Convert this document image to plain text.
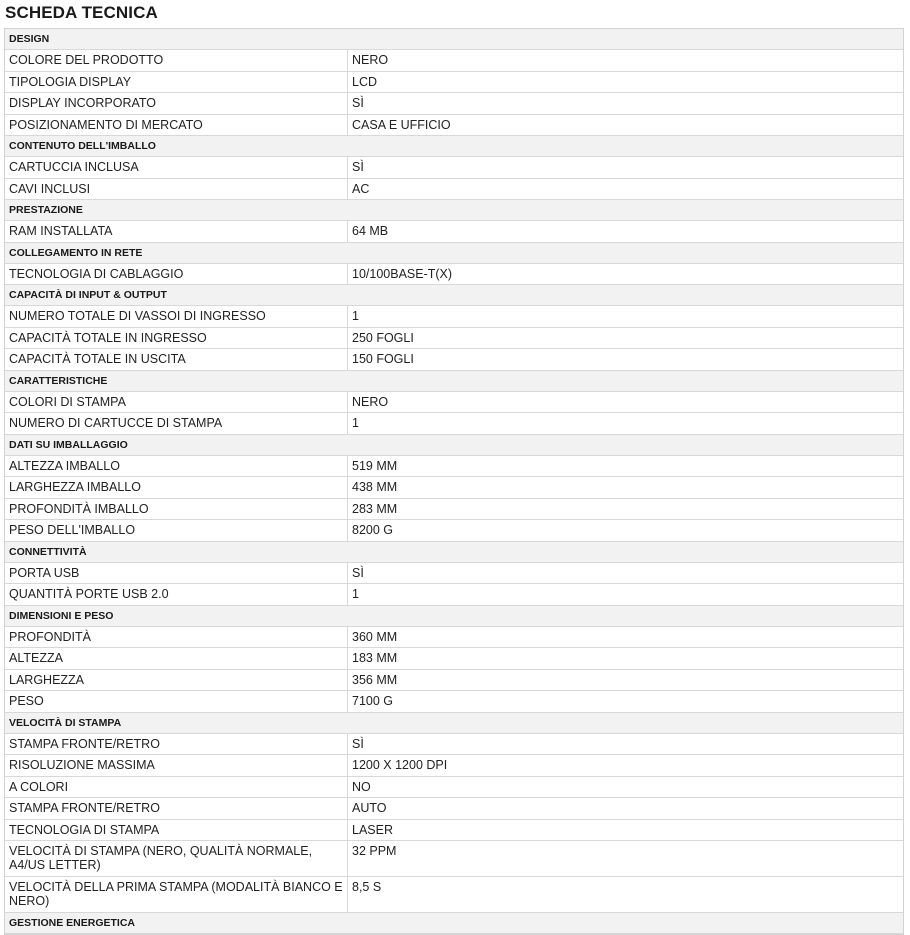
SCHEDA TECNICA
DESIGN	
COLORE DEL PRODOTTO	NERO
TIPOLOGIA DISPLAY	LCD
DISPLAY INCORPORATO	SÌ
POSIZIONAMENTO DI MERCATO	CASA E UFFICIO
CONTENUTO DELL'IMBALLO	
CARTUCCIA INCLUSA	SÌ
CAVI INCLUSI	AC
PRESTAZIONE	
RAM INSTALLATA	64 MB
COLLEGAMENTO IN RETE	
TECNOLOGIA DI CABLAGGIO	10/100BASE-T(X)
CAPACITÀ DI INPUT & OUTPUT	
NUMERO TOTALE DI VASSOI DI INGRESSO	1
CAPACITÀ TOTALE IN INGRESSO	250 FOGLI
CAPACITÀ TOTALE IN USCITA	150 FOGLI
CARATTERISTICHE	
COLORI DI STAMPA	NERO
NUMERO DI CARTUCCE DI STAMPA	1
DATI SU IMBALLAGGIO	
ALTEZZA IMBALLO	519 MM
LARGHEZZA IMBALLO	438 MM
PROFONDITÀ IMBALLO	283 MM
PESO DELL'IMBALLO	8200 G
CONNETTIVITÀ	
PORTA USB	SÌ
QUANTITÀ PORTE USB 2.0	1
DIMENSIONI E PESO	
PROFONDITÀ	360 MM
ALTEZZA	183 MM
LARGHEZZA	356 MM
PESO	7100 G
VELOCITÀ DI STAMPA	
STAMPA FRONTE/RETRO	SÌ
RISOLUZIONE MASSIMA	1200 X 1200 DPI
A COLORI	NO
STAMPA FRONTE/RETRO	AUTO
TECNOLOGIA DI STAMPA	LASER
VELOCITÀ DI STAMPA (NERO, QUALITÀ NORMALE, A4/US LETTER)	32 PPM
VELOCITÀ DELLA PRIMA STAMPA (MODALITÀ BIANCO E NERO)	8,5 S
GESTIONE ENERGETICA	
